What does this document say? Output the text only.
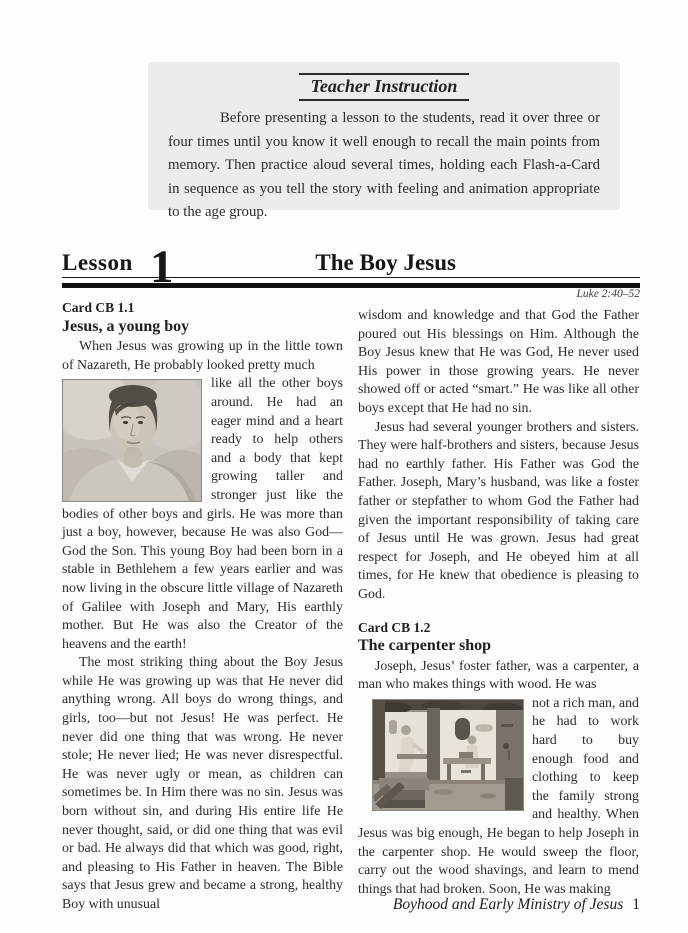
Teacher Instruction

Before presenting a lesson to the students, read it over three or four times until you know it well enough to recall the main points from memory. Then practice aloud several times, holding each Flash-a-Card in sequence as you tell the story with feeling and animation appropriate to the age group.

Lesson 1	The Boy Jesus
Luke 2:40–52
Card CB 1.1
Jesus, a young boy

When Jesus was growing up in the little town of Nazareth, He probably looked pretty much

like all the other boys around. He had an eager mind and a heart ready to help others and a body that kept growing taller and stronger just like the bodies of other boys and girls. He was more than just a boy, however, because He was also God—God the Son. This young Boy had been born in a stable in Bethlehem a few years earlier and was now living in the obscure little village of Nazareth of Galilee with Joseph and Mary, His earthly mother. But He was also the Creator of the heavens and the earth!

The most striking thing about the Boy Jesus while He was growing up was that He never did anything wrong. All boys do wrong things, and girls, too—but not Jesus! He was perfect. He never did one thing that was wrong. He never stole; He never lied; He was never disrespectful. He was never ugly or mean, as children can sometimes be. In Him there was no sin. Jesus was born without sin, and during His entire life He never thought, said, or did one thing that was evil or bad. He always did that which was good, right, and pleasing to His Father in heaven. The Bible says that Jesus grew and became a strong, healthy Boy with unusual

wisdom and knowledge and that God the Father poured out His blessings on Him. Although the Boy Jesus knew that He was God, He never used His power in those growing years. He never showed off or acted “smart.” He was like all other boys except that He had no sin.

Jesus had several younger brothers and sisters. They were half-brothers and sisters, because Jesus had no earthly father. His Father was God the Father. Joseph, Mary’s husband, was like a foster father or stepfather to whom God the Father had given the important responsibility of taking care of Jesus until He was grown. Jesus had great respect for Joseph, and He obeyed him at all times, for He knew that obedience is pleasing to God.

Card CB 1.2
The carpenter shop

Joseph, Jesus’ foster father, was a carpenter, a man who makes things with wood. He was

not a rich man, and he had to work hard to buy enough food and clothing to keep the family strong and healthy. When Jesus was big enough, He began to help Joseph in the carpenter shop. He would sweep the floor, carry out the wood shavings, and learn to mend things that had broken. Soon, He was making

Boyhood and Early Ministry of Jesus 1
